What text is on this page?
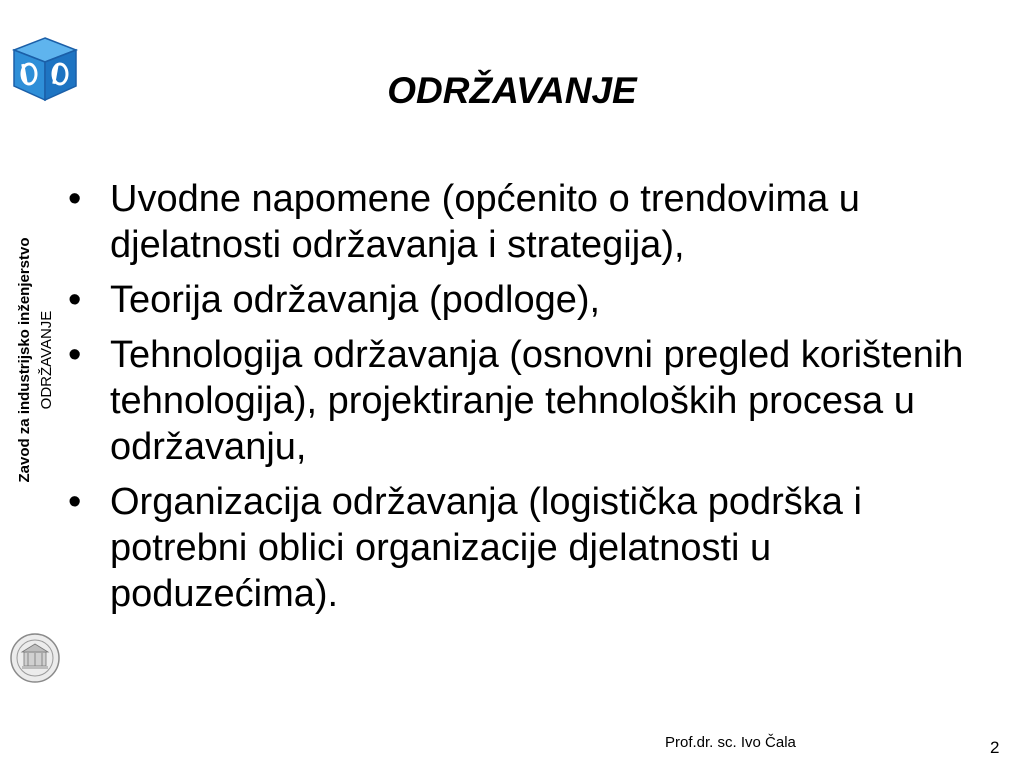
Zavod za industrijsko inženjerstvo ODRŽAVANJE
ODRŽAVANJE
• Uvodne napomene (općenito o trendovima u djelatnosti održavanja i strategija),
• Teorija održavanja (podloge),
• Tehnologija održavanja (osnovni pregled korištenih tehnologija), projektiranje tehnoloških procesa u održavanju,
• Organizacija održavanja (logistička podrška i potrebni oblici organizacije djelatnosti u poduzećima).
Prof.dr. sc. Ivo Čala	2
